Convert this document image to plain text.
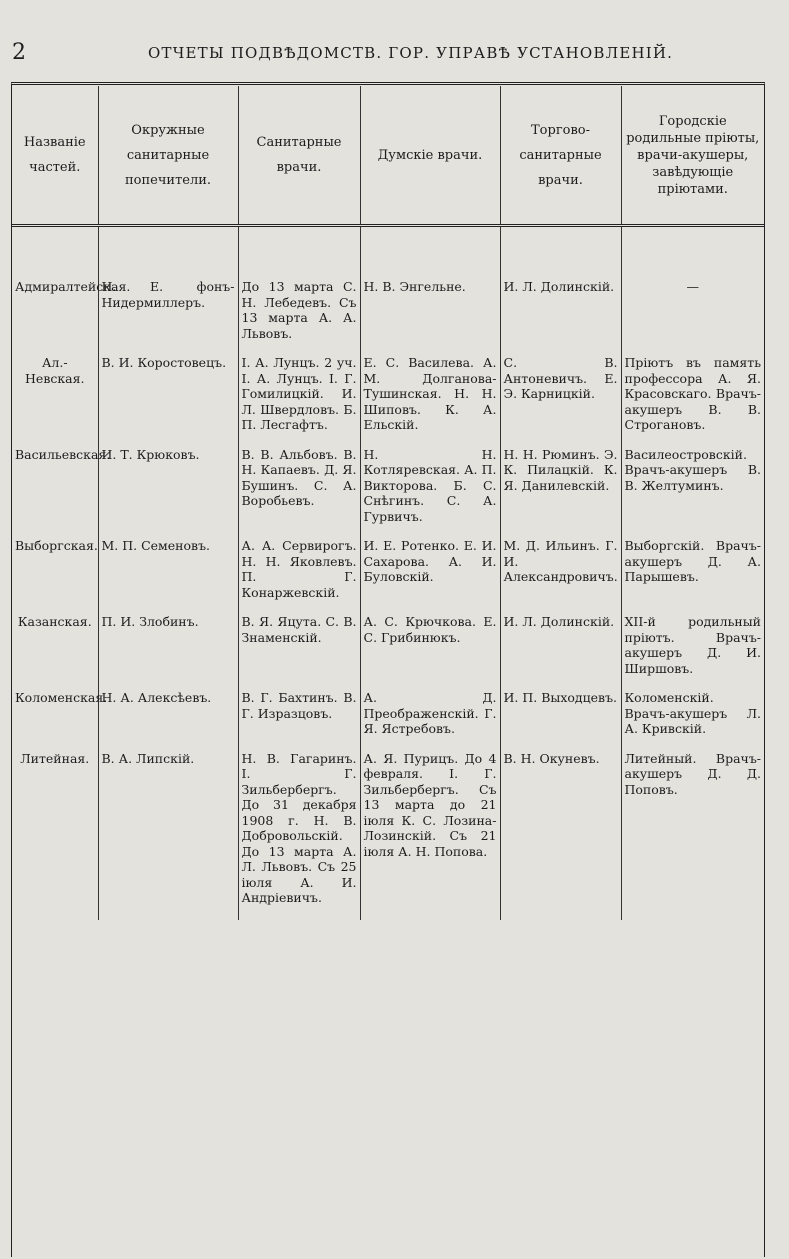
2	ОТЧЕТЫ ПОДВѢДОМСТВ. ГОР. УПРАВѢ УСТАНОВЛЕНІЙ.
Названіе частей.	Окружные санитарные попечители.	Санитарные врачи.	Думскіе врачи.	Торгово-санитарные врачи.	Городскіе родильные пріюты, врачи-акушеры, завѣдующіе пріютами.

Адмиралтейская.	Н. Е. фонъ-Нидермиллеръ.	До 13 марта С. Н. Лебедевъ. Съ 13 марта А. А. Львовъ.	Н. В. Энгельне.	И. Л. Долинскій.	—
Ал.-Невская.	В. И. Коростовецъ.	I. А. Лунцъ. 2 уч. I. А. Лунцъ. I. Г. Гомилицкій. И. Л. Швердловъ. Б. П. Лесгафтъ.	Е. С. Василева. А. М. Долганова-Тушинская. Н. Н. Шиповъ. К. А. Ельскій.	С. В. Антоневичъ. Е. Э. Карницкій.	Пріютъ въ память профессора А. Я. Красовскаго. Врачъ-акушеръ В. В. Строгановъ.
Васильевская.	И. Т. Крюковъ.	В. В. Альбовъ. В. Н. Капаевъ. Д. Я. Бушинъ. С. А. Воробьевъ.	Н. Н. Котляревская. А. П. Викторова. Б. С. Снѣгинъ. С. А. Гурвичъ.	Н. Н. Рюминъ. Э. К. Пилацкій. К. Я. Данилевскій.	Василеостровскій. Врачъ-акушеръ В. В. Желтуминъ.
Выборгская.	М. П. Семеновъ.	А. А. Сервирогъ. Н. Н. Яковлевъ. П. Г. Конаржевскій.	И. Е. Ротенко. Е. И. Сахарова. А. И. Буловскій.	М. Д. Ильинъ. Г. И. Александровичъ.	Выборгскій. Врачъ-акушеръ Д. А. Парышевъ.
Казанская.	П. И. Злобинъ.	В. Я. Яцута. С. В. Знаменскій.	А. С. Крючкова. Е. С. Грибинюкъ.	И. Л. Долинскій.	XII-й родильный пріютъ. Врачъ-акушеръ Д. И. Ширшовъ.
Коломенская.	Н. А. Алексѣевъ.	В. Г. Бахтинъ. В. Г. Изразцовъ.	А. Д. Преображенскій. Г. Я. Ястребовъ.	И. П. Выходцевъ.	Коломенскій. Врачъ-акушеръ Л. А. Кривскій.
Литейная.	В. А. Липскій.	Н. В. Гагаринъ. I. Г. Зильбербергъ. До 31 декабря 1908 г. Н. В. Добровольскій. До 13 марта А. Л. Львовъ. Съ 25 іюля А. И. Андріевичъ.	А. Я. Пурицъ. До 4 февраля. I. Г. Зильбербергъ. Съ 13 марта до 21 іюля К. С. Лозина-Лозинскій. Съ 21 іюля А. Н. Попова.	В. Н. Окуневъ.	Литейный. Врачъ-акушеръ Д. Д. Поповъ.
